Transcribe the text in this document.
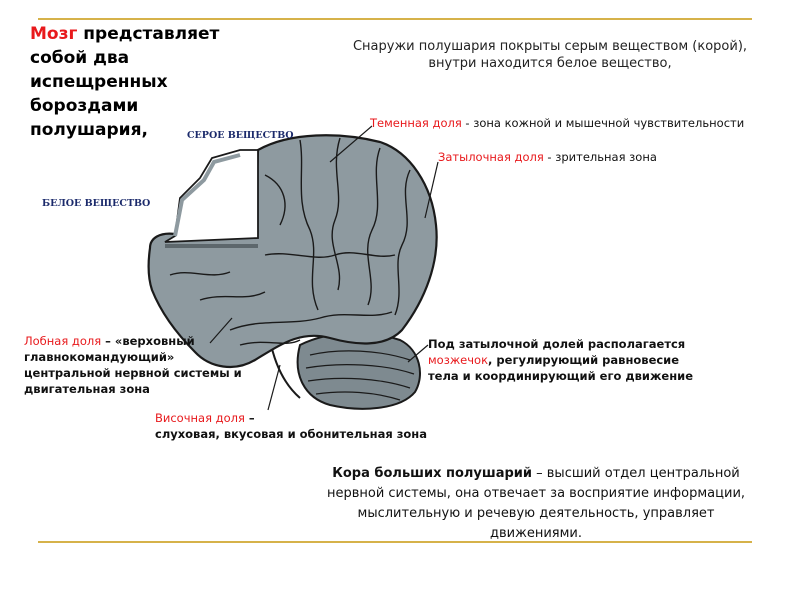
Мозг представляет собой два испещренных бороздами полушария,
Снаружи полушария покрыты серым веществом (корой), внутри находится белое вещество,
СЕРОЕ ВЕЩЕСТВО
БЕЛОЕ ВЕЩЕСТВО
Теменная доля - зона кожной и мышечной чувствительности
Затылочная доля - зрительная зона
Лобная доля – «верховный главнокомандующий» центральной нервной системы и двигательная зона
Височная доля –
слуховая, вкусовая и обонительная зона
Под затылочной долей располагается мозжечок, регулирующий равновесие тела и координирующий его движение
Кора больших полушарий – высший отдел центральной нервной системы, она отвечает за восприятие информации, мыслительную и речевую деятельность, управляет движениями.
